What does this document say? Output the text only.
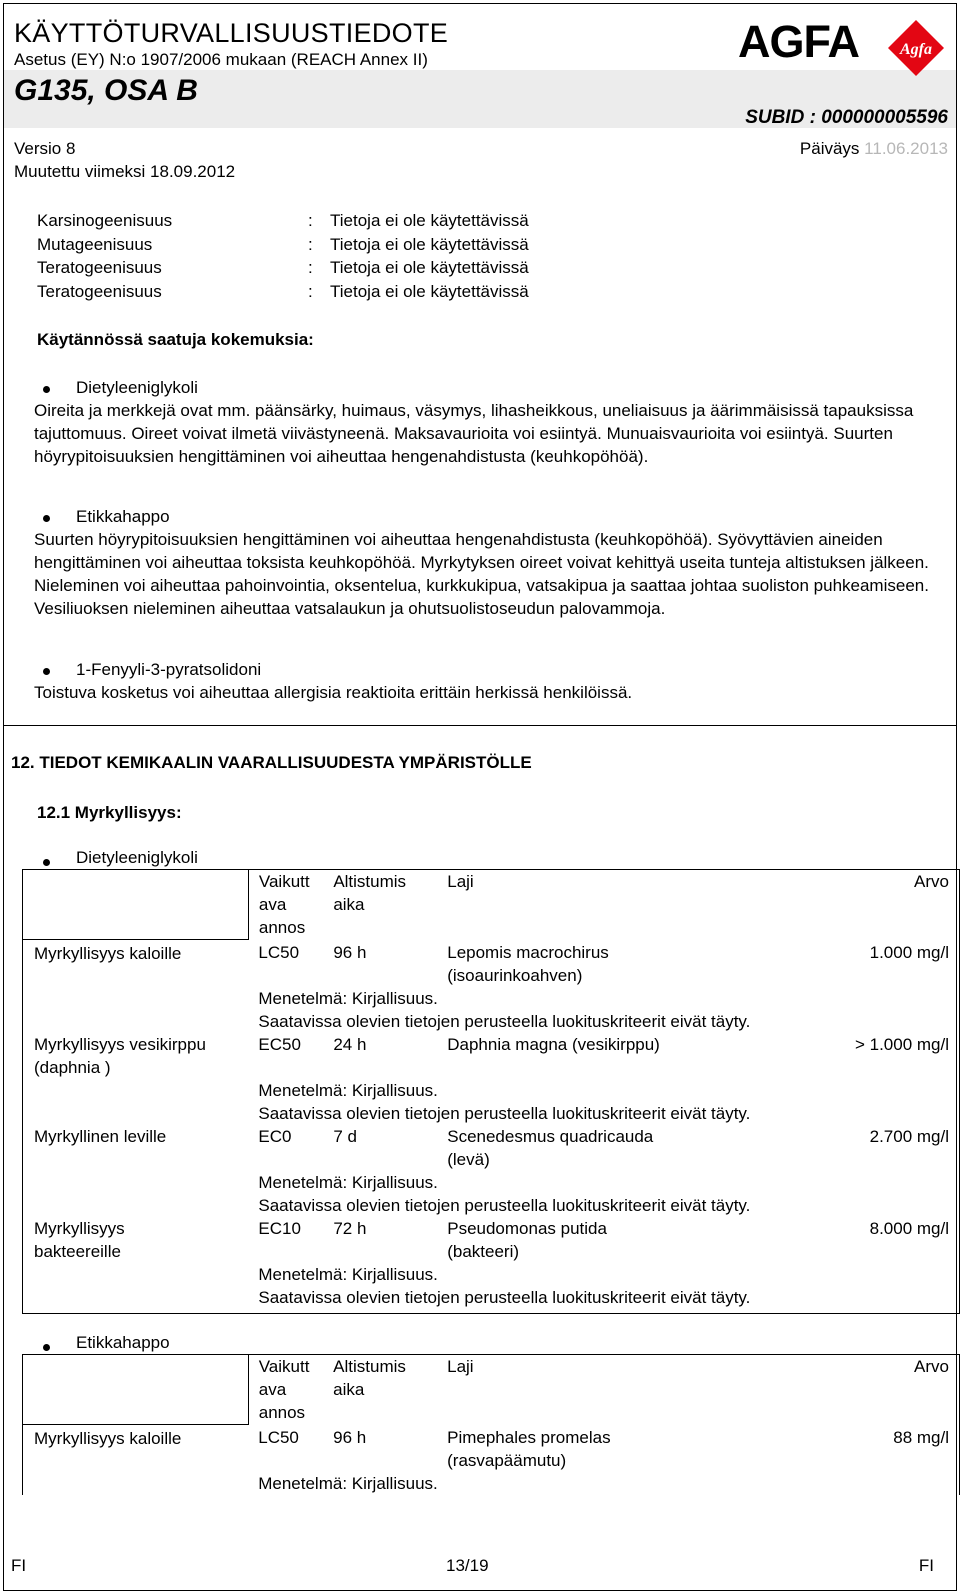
KÄYTTÖTURVALLISUUSTIEDOTE
Asetus (EY) N:o 1907/2006 mukaan (REACH Annex II)
G135, OSA B
SUBID : 000000005596
Versio 8
Muutettu viimeksi 18.09.2012
Päiväys 11.06.2013
AGFA	Agfa
Karsinogeenisuus	: Tietoja ei ole käytettävissä
Mutageenisuus	: Tietoja ei ole käytettävissä
Teratogeenisuus	: Tietoja ei ole käytettävissä
Teratogeenisuus	: Tietoja ei ole käytettävissä
Käytännössä saatuja kokemuksia:
Dietyleeniglykoli
Oireita ja merkkejä ovat mm. päänsärky, huimaus, väsymys, lihasheikkous, uneliaisuus ja äärimmäisissä tapauksissa tajuttomuus. Oireet voivat ilmetä viivästyneenä. Maksavaurioita voi esiintyä. Munuaisvaurioita voi esiintyä. Suurten höyrypitoisuuksien hengittäminen voi aiheuttaa hengenahdistusta (keuhkopöhöä).
Etikkahappo
Suurten höyrypitoisuuksien hengittäminen voi aiheuttaa hengenahdistusta (keuhkopöhöä). Syövyttävien aineiden hengittäminen voi aiheuttaa toksista keuhkopöhöä. Myrkytyksen oireet voivat kehittyä useita tunteja altistuksen jälkeen. Nieleminen voi aiheuttaa pahoinvointia, oksentelua, kurkkukipua, vatsakipua ja saattaa johtaa suoliston puhkeamiseen. Vesiliuoksen nieleminen aiheuttaa vatsalaukun ja ohutsuolistoseudun palovammoja.
1-Fenyyli-3-pyratsolidoni
Toistuva kosketus voi aiheuttaa allergisia reaktioita erittäin herkissä henkilöissä.
12. TIEDOT KEMIKAALIN VAARALLISUUDESTA YMPÄRISTÖLLE
12.1 Myrkyllisyys:
Dietyleeniglykoli
	Vaikutt ava annos	Altistumis aika	Laji	Arvo
Myrkyllisyys kaloille	LC50	96 h	Lepomis macrochirus (isoaurinkoahven)	1.000 mg/l
	Menetelmä: Kirjallisuus.			
	Saatavissa olevien tietojen perusteella luokituskriteerit eivät täyty.			
Myrkyllisyys vesikirppu (daphnia )	EC50	24 h	Daphnia magna (vesikirppu)	> 1.000 mg/l
	Menetelmä: Kirjallisuus.			
	Saatavissa olevien tietojen perusteella luokituskriteerit eivät täyty.			
Myrkyllinen leville	EC0	7 d	Scenedesmus quadricauda (levä)	2.700 mg/l
	Menetelmä: Kirjallisuus.			
	Saatavissa olevien tietojen perusteella luokituskriteerit eivät täyty.			
Myrkyllisyys bakteereille	EC10	72 h	Pseudomonas putida (bakteeri)	8.000 mg/l
	Menetelmä: Kirjallisuus.			
	Saatavissa olevien tietojen perusteella luokituskriteerit eivät täyty.			
Etikkahappo
	Vaikutt ava annos	Altistumis aika	Laji	Arvo
Myrkyllisyys kaloille	LC50	96 h	Pimephales promelas (rasvapäämutu)	88 mg/l
	Menetelmä: Kirjallisuus.			
FI	13/19	FI
